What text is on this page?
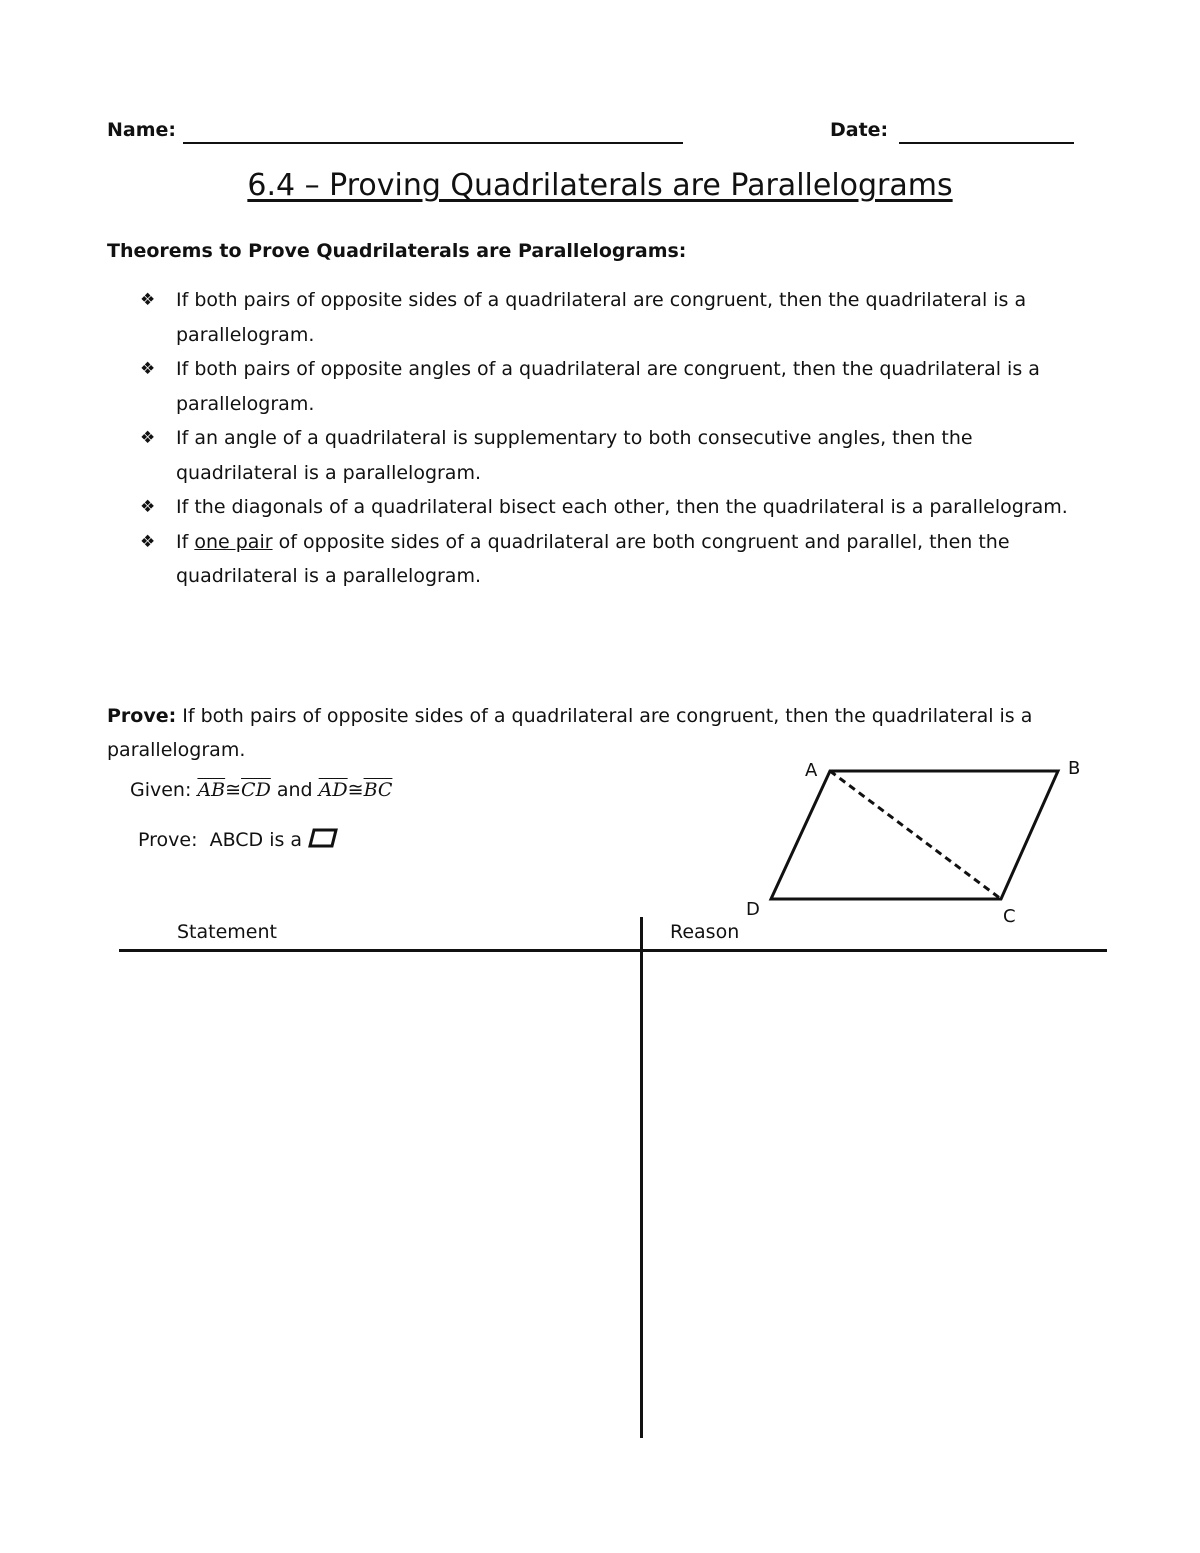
Name:	Date:
6.4 – Proving Quadrilaterals are Parallelograms
Theorems to Prove Quadrilaterals are Parallelograms:
❖ If both pairs of opposite sides of a quadrilateral are congruent, then the quadrilateral is a parallelogram.
❖ If both pairs of opposite angles of a quadrilateral are congruent, then the quadrilateral is a parallelogram.
❖ If an angle of a quadrilateral is supplementary to both consecutive angles, then the quadrilateral is a parallelogram.
❖ If the diagonals of a quadrilateral bisect each other, then the quadrilateral is a parallelogram.
❖ If one pair of opposite sides of a quadrilateral are both congruent and parallel, then the quadrilateral is a parallelogram.
Prove: If both pairs of opposite sides of a quadrilateral are congruent, then the quadrilateral is a parallelogram.
Given: $\overline{AB}≅\overline{CD}$ and $\overline{AD}≅\overline{BC}$
Prove: ABCD is a
A	B
C
D
Statement	Reason
